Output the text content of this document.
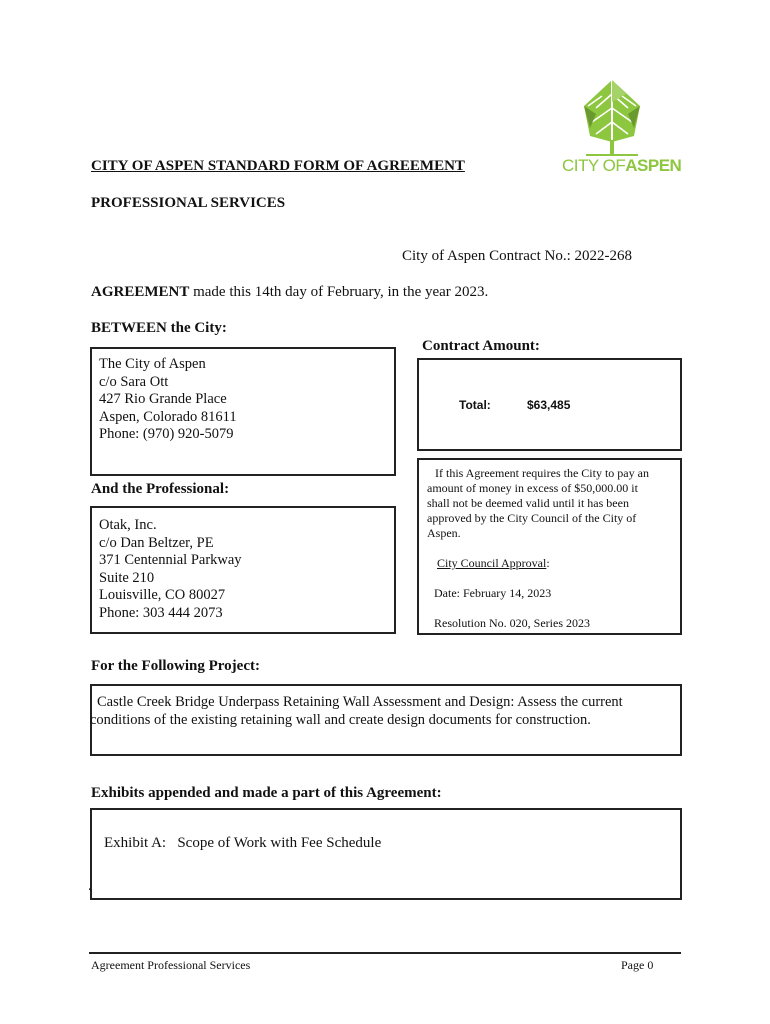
CITY OFASPEN
CITY OF ASPEN STANDARD FORM OF AGREEMENT
PROFESSIONAL SERVICES
City of Aspen Contract No.: 2022-268
AGREEMENT made this 14th day of February, in the year 2023.
BETWEEN the City:
The City of Aspen
c/o Sara Ott
427 Rio Grande Place
Aspen, Colorado 81611
Phone: (970) 920-5079
Contract Amount:
Total:	$63,485
If this Agreement requires the City to pay an amount of money in excess of $50,000.00 it shall not be deemed valid until it has been approved by the City Council of the City of Aspen.
City Council Approval:
Date: February 14, 2023
Resolution No. 020, Series 2023
And the Professional:
Otak, Inc.
c/o Dan Beltzer, PE
371 Centennial Parkway
Suite 210
Louisville, CO 80027
Phone: 303 444 2073
For the Following Project:
Castle Creek Bridge Underpass Retaining Wall Assessment and Design: Assess the current
conditions of the existing retaining wall and create design documents for construction.
Exhibits appended and made a part of this Agreement:
Exhibit A:   Scope of Work with Fee Schedule
.
Agreement Professional Services	Page 0
